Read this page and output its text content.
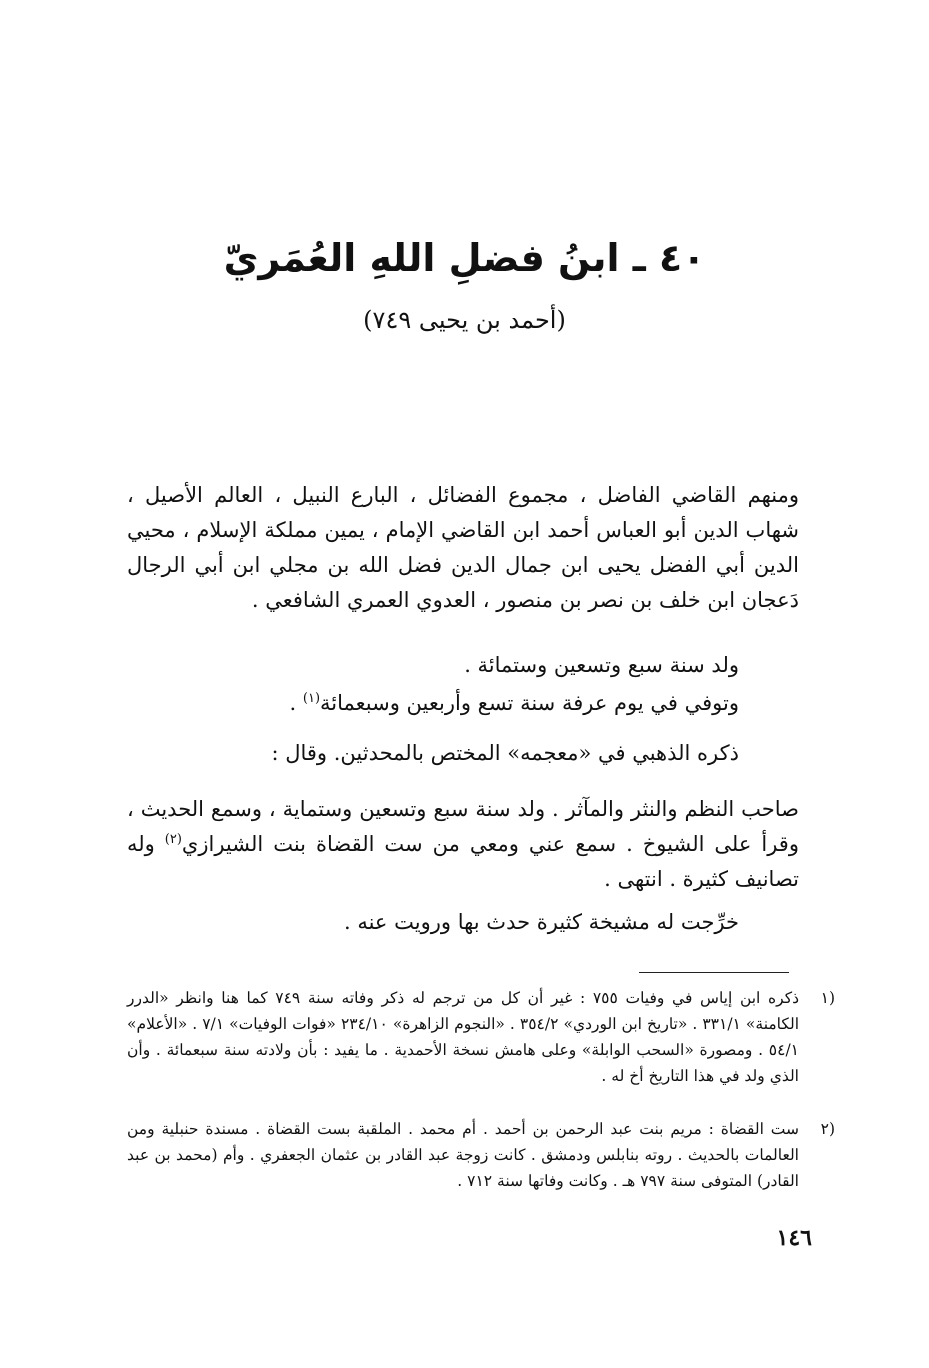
٤٠ ـ ابنُ فضلِ اللهِ العُمَريّ
(أحمد بن يحيى ٧٤٩)

ومنهم القاضي الفاضل ، مجموع الفضائل ، البارع النبيل ، العالم الأصيل ، شهاب الدين أبو العباس أحمد ابن القاضي الإمام ، يمين مملكة الإسلام ، محيي الدين أبي الفضل يحيى ابن جمال الدين فضل الله بن مجلي ابن أبي الرجال دَعجان ابن خلف بن نصر بن منصور ، العدوي العمري الشافعي .

ولد سنة سبع وتسعين وستمائة .

وتوفي في يوم عرفة سنة تسع وأربعين وسبعمائة$^{(١)}$ .

ذكره الذهبي في «معجمه» المختص بالمحدثين. وقال :

صاحب النظم والنثر والمآثر . ولد سنة سبع وتسعين وستماية ، وسمع الحديث ، وقرأ على الشيوخ . سمع عني ومعي من ست القضاة بنت الشيرازي$^{(٢)}$ وله تصانيف كثيرة . انتهى .

خرِّجت له مشيخة كثيرة حدث بها ورويت عنه .

١)
ذكره ابن إياس في وفيات ٧٥٥ : غير أن كل من ترجم له ذكر وفاته سنة ٧٤٩ كما هنا وانظر «الدرر الكامنة» ٣٣١/١ . «تاريخ ابن الوردي» ٣٥٤/٢ . «النجوم الزاهرة» ٢٣٤/١٠ «فوات الوفيات» ٧/١ . «الأعلام» ٥٤/١ . ومصورة «السحب الوابلة» وعلى هامش نسخة الأحمدية . ما يفيد : بأن ولادته سنة سبعمائة . وأن الذي ولد في هذا التاريخ أخ له .
٢)
ست القضاة : مريم بنت عبد الرحمن بن أحمد . أم محمد . الملقبة بست القضاة . مسندة حنبلية ومن العالمات بالحديث . روته بنابلس ودمشق . كانت زوجة عبد القادر بن عثمان الجعفري . وأم (محمد بن عبد القادر) المتوفى سنة ٧٩٧ هـ . وكانت وفاتها سنة ٧١٢ .
١٤٦
